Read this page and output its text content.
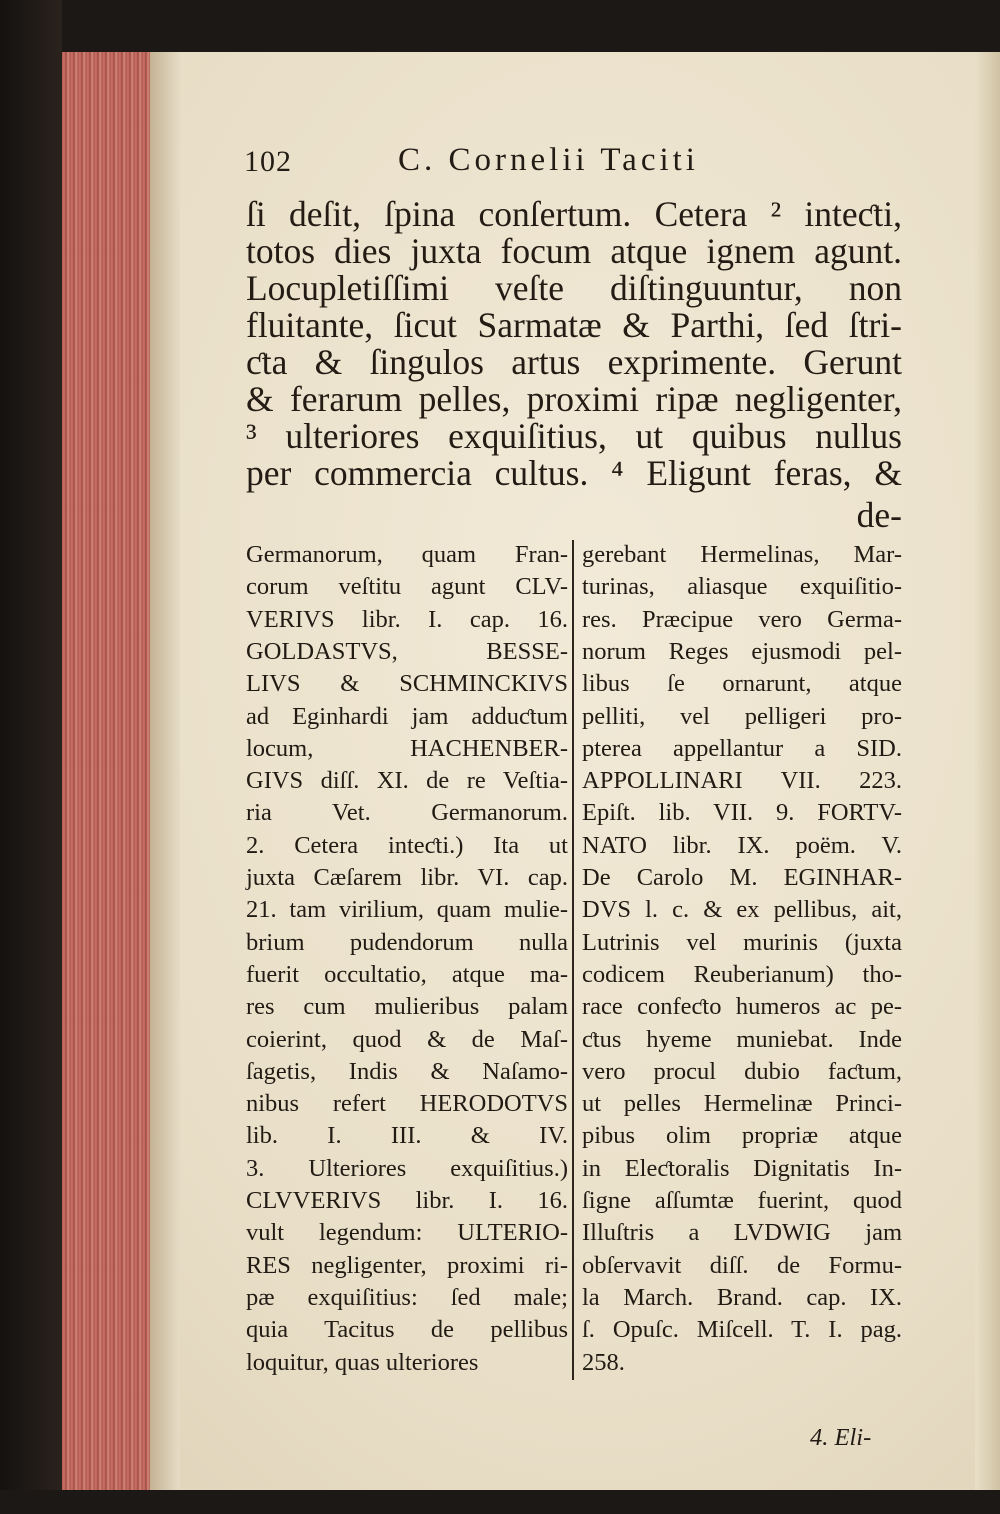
102	C. Cornelii Taciti
ſi deſit, ſpina conſertum. Cetera ² inteƈti,
totos dies juxta focum atque ignem agunt.
Locupletiſſimi veſte diſtinguuntur, non
fluitante, ſicut Sarmatæ & Parthi, ſed ſtri-
ƈta & ſingulos artus exprimente. Gerunt
& ferarum pelles, proximi ripæ negligenter,
³ ulteriores exquiſitius, ut quibus nullus
per commercia cultus. ⁴ Eligunt feras, &
de-
Germanorum, quam Fran-
corum veſtitu agunt CLV-
VERIVS libr. I. cap. 16.
GOLDASTVS, BESSE-
LIVS & SCHMINCKIVS
ad Eginhardi jam adduƈtum
locum, HACHENBER-
GIVS diſſ. XI. de re Veſtia-
ria Vet. Germanorum.
2. Cetera inteƈti.) Ita ut
juxta Cæſarem libr. VI. cap.
21. tam virilium, quam mulie-
brium pudendorum nulla
fuerit occultatio, atque ma-
res cum mulieribus palam
coierint, quod & de Maſ-
ſagetis, Indis & Naſamo-
nibus refert HERODOTVS
lib. I. III. & IV.
3. Ulteriores exquiſitius.)
CLVVERIVS libr. I. 16.
vult legendum: ULTERIO-
RES negligenter, proximi ri-
pæ exquiſitius: ſed male;
quia Tacitus de pellibus
loquitur, quas ulteriores
gerebant Hermelinas, Mar-
turinas, aliasque exquiſitio-
res. Præcipue vero Germa-
norum Reges ejusmodi pel-
libus ſe ornarunt, atque
pelliti, vel pelligeri pro-
pterea appellantur a SID.
APPOLLINARI VII. 223.
Epiſt. lib. VII. 9. FORTV-
NATO libr. IX. poëm. V.
De Carolo M. EGINHAR-
DVS l. c. & ex pellibus, ait,
Lutrinis vel murinis (juxta
codicem Reuberianum) tho-
race confeƈto humeros ac pe-
ƈtus hyeme muniebat. Inde
vero procul dubio faƈtum,
ut pelles Hermelinæ Princi-
pibus olim propriæ atque
in Eleƈtoralis Dignitatis In-
ſigne aſſumtæ fuerint, quod
Illuſtris a LVDWIG jam
obſervavit diſſ. de Formu-
la March. Brand. cap. IX.
ſ. Opuſc. Miſcell. T. I. pag.
258.
4. Eli-
